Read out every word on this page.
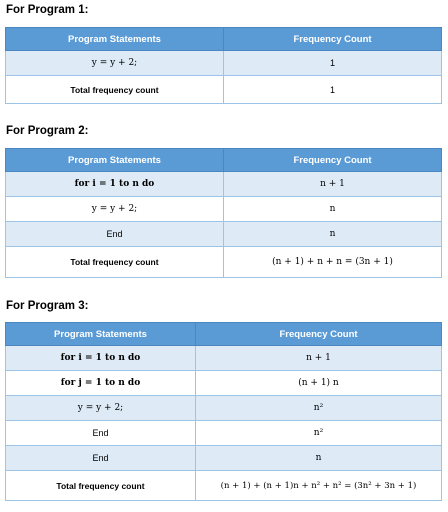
For Program 1:
Program Statements	Frequency Count
y = y + 2;	1
Total frequency count	1
For Program 2:
Program Statements	Frequency Count
for i = 1 to n do	n + 1
y = y + 2;	n
End	n
Total frequency count	(n + 1) + n + n = (3n + 1)
For Program 3:
Program Statements	Frequency Count
for i = 1 to n do	n + 1
for j = 1 to n do	(n + 1) n
y = y + 2;	n²
End	n²
End	n
Total frequency count	(n + 1) + (n + 1)n + n² + n² = (3n² + 3n + 1)
